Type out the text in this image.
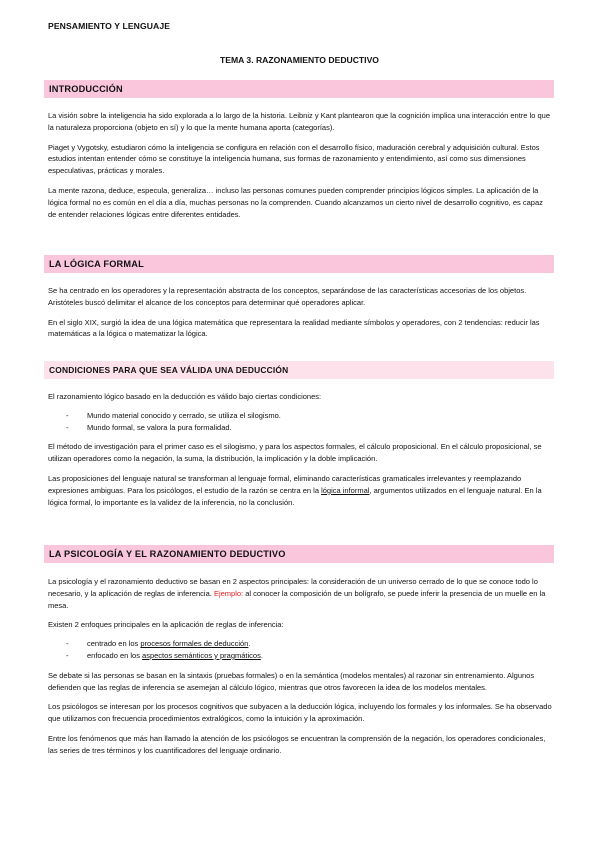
PENSAMIENTO Y LENGUAJE
TEMA 3. RAZONAMIENTO DEDUCTIVO
INTRODUCCIÓN

La visión sobre la inteligencia ha sido explorada a lo largo de la historia. Leibniz y Kant plantearon que la cognición implica una interacción entre lo que la naturaleza proporciona (objeto en sí) y lo que la mente humana aporta (categorías).

Piaget y Vygotsky, estudiaron cómo la inteligencia se configura en relación con el desarrollo físico, maduración cerebral y adquisición cultural. Estos estudios intentan entender cómo se constituye la inteligencia humana, sus formas de razonamiento y entendimiento, así como sus dimensiones especulativas, prácticas y morales.

La mente razona, deduce, especula, generaliza… incluso las personas comunes pueden comprender principios lógicos simples. La aplicación de la lógica formal no es común en el día a día, muchas personas no la comprenden. Cuando alcanzamos un cierto nivel de desarrollo cognitivo, es capaz de entender relaciones lógicas entre diferentes entidades.

LA LÓGICA FORMAL

Se ha centrado en los operadores y la representación abstracta de los conceptos, separándose de las características accesorias de los objetos. Aristóteles buscó delimitar el alcance de los conceptos para determinar qué operadores aplicar.

En el siglo XIX, surgió la idea de una lógica matemática que representara la realidad mediante símbolos y operadores, con 2 tendencias: reducir las matemáticas a la lógica o matematizar la lógica.

CONDICIONES PARA QUE SEA VÁLIDA UNA DEDUCCIÓN

El razonamiento lógico basado en la deducción es válido bajo ciertas condiciones:

- Mundo material conocido y cerrado, se utiliza el silogismo.
- Mundo formal, se valora la pura formalidad.

El método de investigación para el primer caso es el silogismo, y para los aspectos formales, el cálculo proposicional. En el cálculo proposicional, se utilizan operadores como la negación, la suma, la distribución, la implicación y la doble implicación.

Las proposiciones del lenguaje natural se transforman al lenguaje formal, eliminando características gramaticales irrelevantes y reemplazando expresiones ambiguas. Para los psicólogos, el estudio de la razón se centra en la lógica informal, argumentos utilizados en el lenguaje natural. En la lógica formal, lo importante es la validez de la inferencia, no la conclusión.

LA PSICOLOGÍA Y EL RAZONAMIENTO DEDUCTIVO

La psicología y el razonamiento deductivo se basan en 2 aspectos principales: la consideración de un universo cerrado de lo que se conoce todo lo necesario, y la aplicación de reglas de inferencia. Ejemplo: al conocer la composición de un bolígrafo, se puede inferir la presencia de un muelle en la mesa.

Existen 2 enfoques principales en la aplicación de reglas de inferencia:

- centrado en los procesos formales de deducción.
- enfocado en los aspectos semánticos y pragmáticos.

Se debate si las personas se basan en la sintaxis (pruebas formales) o en la semántica (modelos mentales) al razonar sin entrenamiento. Algunos defienden que las reglas de inferencia se asemejan al cálculo lógico, mientras que otros favorecen la idea de los modelos mentales.

Los psicólogos se interesan por los procesos cognitivos que subyacen a la deducción lógica, incluyendo los formales y los informales. Se ha observado que utilizamos con frecuencia procedimientos extralógicos, como la intuición y la aproximación.

Entre los fenómenos que más han llamado la atención de los psicólogos se encuentran la comprensión de la negación, los operadores condicionales, las series de tres términos y los cuantificadores del lenguaje ordinario.
